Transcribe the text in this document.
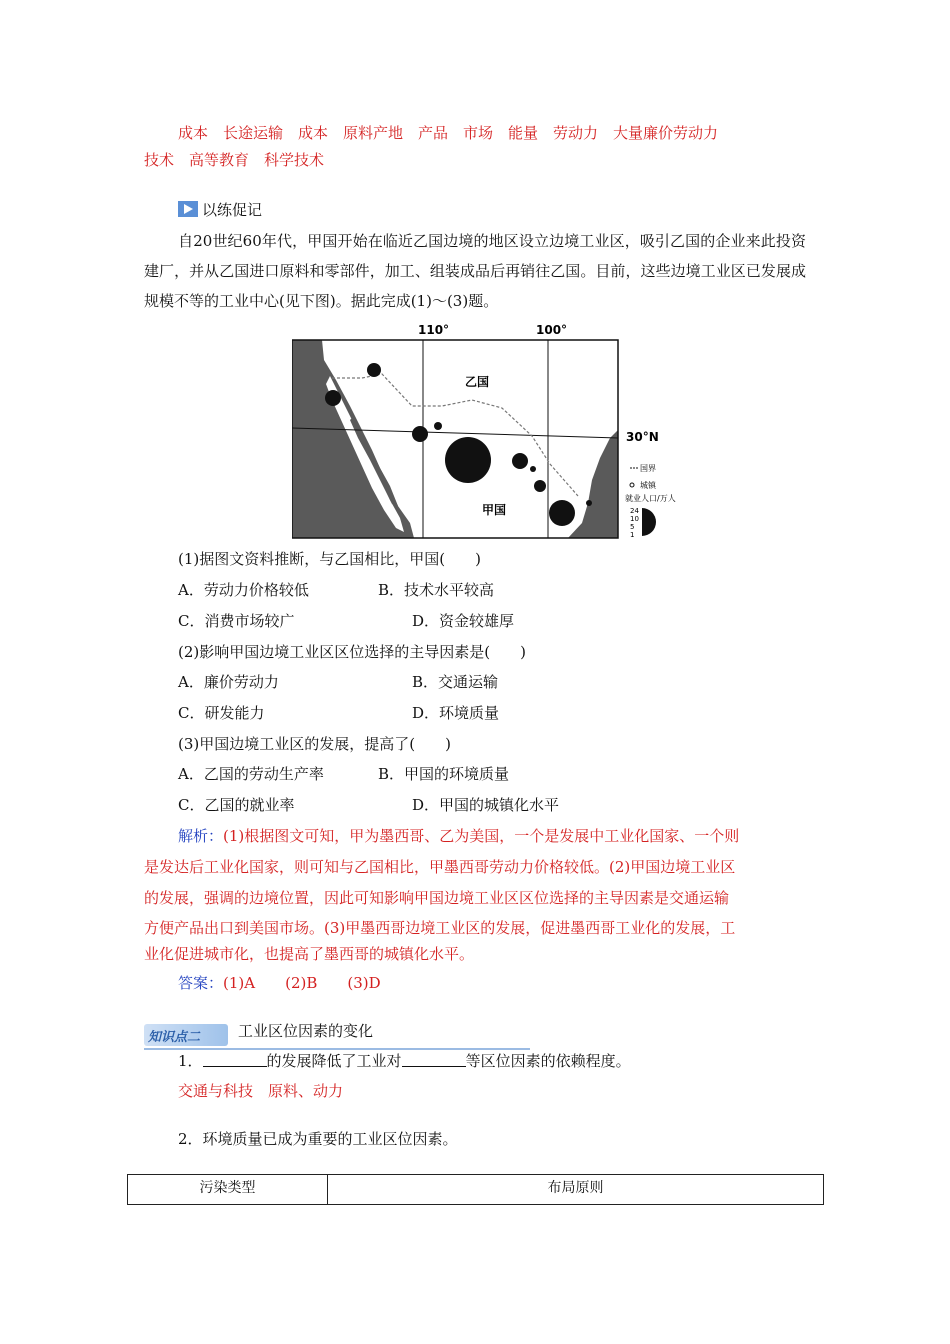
成本　长途运输　成本　原料产地　产品　市场　能量　劳动力　大量廉价劳动力
技术　高等教育　科学技术
以练促记
自20世纪60年代，甲国开始在临近乙国边境的地区设立边境工业区，吸引乙国的企业来此投资建厂，并从乙国进口原料和零部件，加工、组装成品后再销往乙国。目前，这些边境工业区已发展成规模不等的工业中心(见下图)。据此完成(1)～(3)题。
110°	100°
30°N
乙国
甲国
国界
城镇
就业人口/万人
24
10
5
1
(1)据图文资料推断，与乙国相比，甲国(　　)
A．劳动力价格较低	B．技术水平较高
C．消费市场较广	D．资金较雄厚
(2)影响甲国边境工业区区位选择的主导因素是(　　)
A．廉价劳动力	B．交通运输
C．研发能力	D．环境质量
(3)甲国边境工业区的发展，提高了(　　)
A．乙国的劳动生产率	B．甲国的环境质量
C．乙国的就业率	D．甲国的城镇化水平
解析：(1)根据图文可知，甲为墨西哥、乙为美国，一个是发展中工业化国家、一个则
是发达后工业化国家，则可知与乙国相比，甲墨西哥劳动力价格较低。(2)甲国边境工业区
的发展，强调的边境位置，因此可知影响甲国边境工业区区位选择的主导因素是交通运输
方便产品出口到美国市场。(3)甲墨西哥边境工业区的发展，促进墨西哥工业化的发展，工
业化促进城市化，也提高了墨西哥的城镇化水平。
答案：(1)A (2)B (3)D
知识点二	工业区位因素的变化
1．	的发展降低了工业对	等区位因素的依赖程度。
交通与科技　原料、动力
2．环境质量已成为重要的工业区位因素。
污染类型	布局原则
